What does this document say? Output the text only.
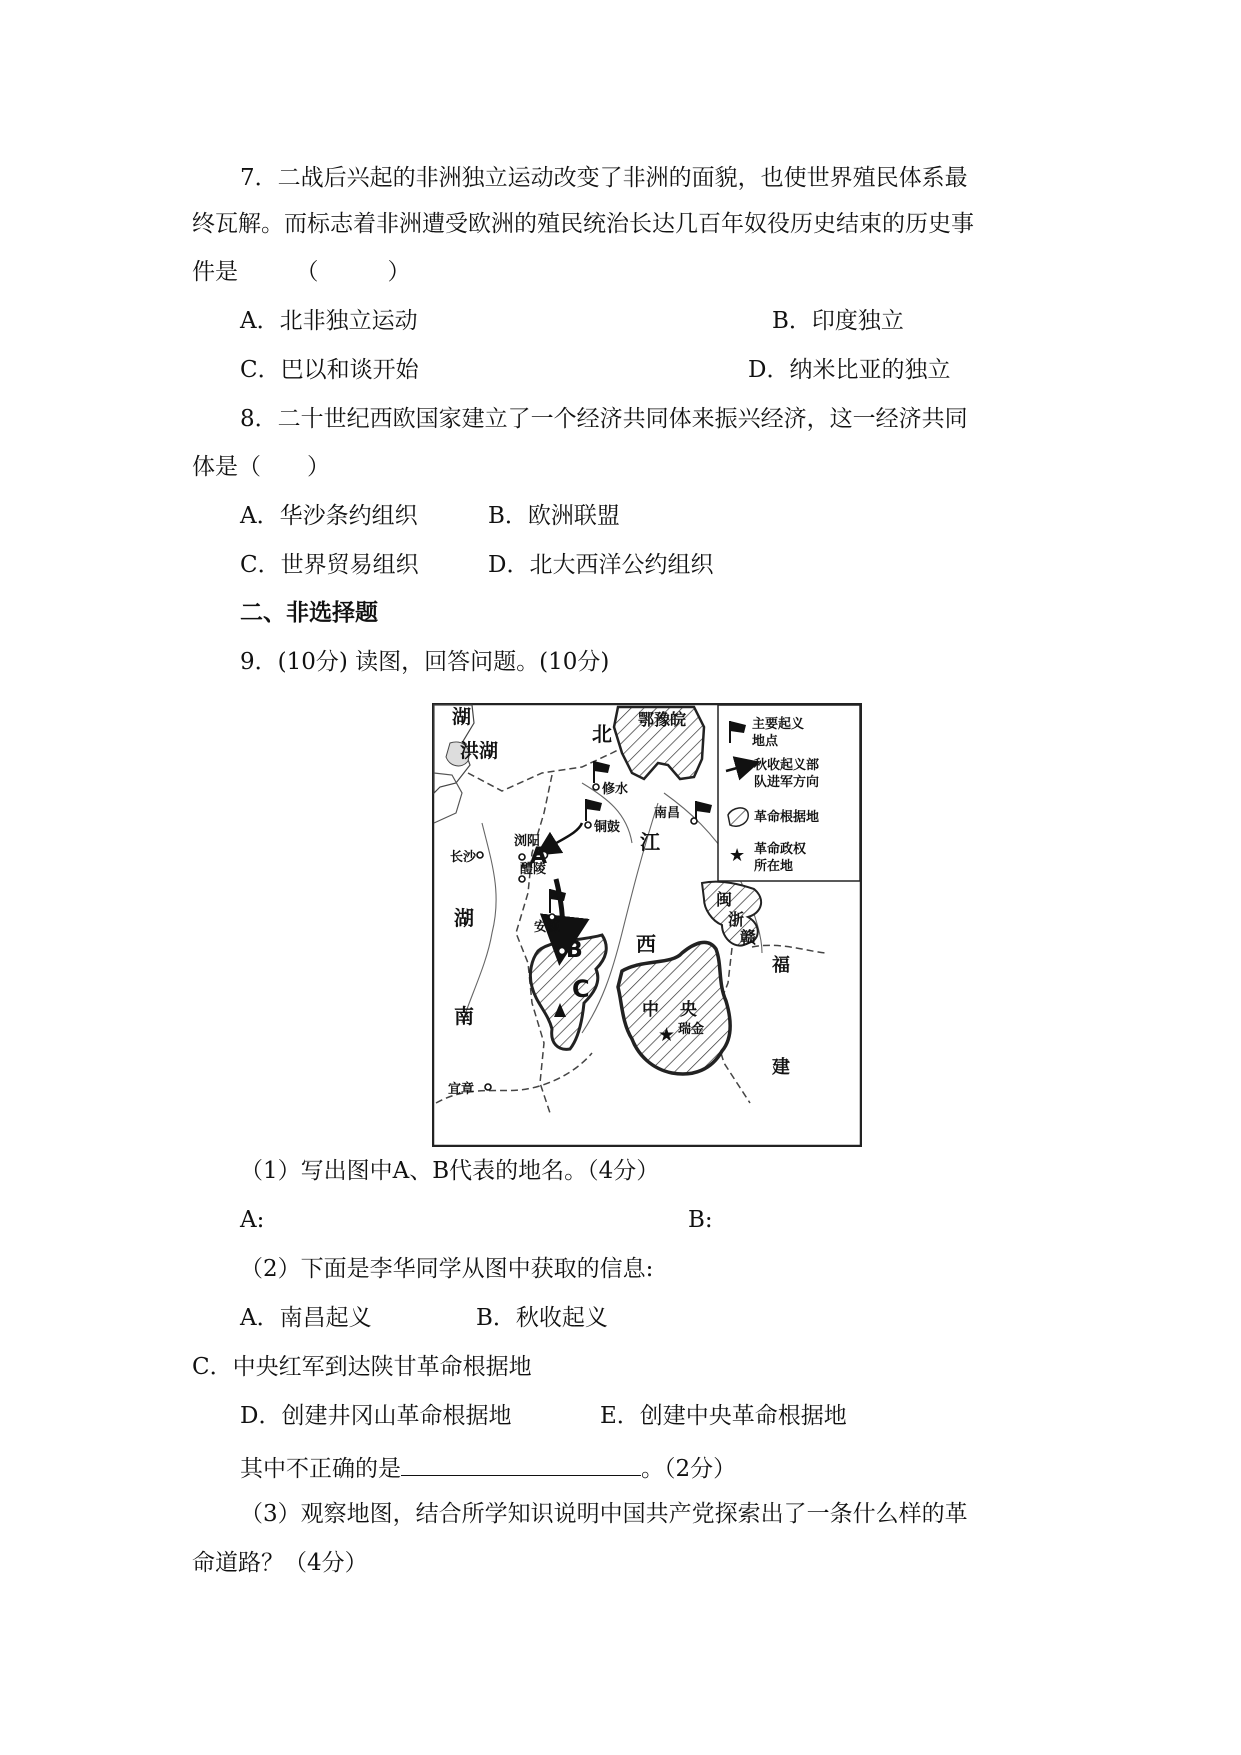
7．二战后兴起的非洲独立运动改变了非洲的面貌，也使世界殖民体系最
终瓦解。而标志着非洲遭受欧洲的殖民统治长达几百年奴役历史结束的历史事
件是　　　（　　　）
A．北非独立运动	B．印度独立
C．巴以和谈开始	D．纳米比亚的独立
8．二十世纪西欧国家建立了一个经济共同体来振兴经济，这一经济共同
体是（　　）
A．华沙条约组织	B．欧洲联盟
C．世界贸易组织	D．北大西洋公约组织
二、非选择题
9．(10分) 读图，回答问题。(10分)
主要起义
地点
秋收起义部
队进军方向
革命根据地
★ 革命政权
所在地
湖
洪湖
北
鄂豫皖
修水
铜鼓
南昌
浏阳
长沙
醴陵
安源
江
湖
西
南
A
B
C
闽
浙
赣
福
建
中 央
★ 瑞金
宜章
（1）写出图中A、B代表的地名。（4分）
A:	B:
（2）下面是李华同学从图中获取的信息:
A．南昌起义	B．秋收起义
C．中央红军到达陕甘革命根据地
D．创建井冈山革命根据地	E．创建中央革命根据地
其中不正确的是	。（2分）
（3）观察地图，结合所学知识说明中国共产党探索出了一条什么样的革
命道路？（4分）
